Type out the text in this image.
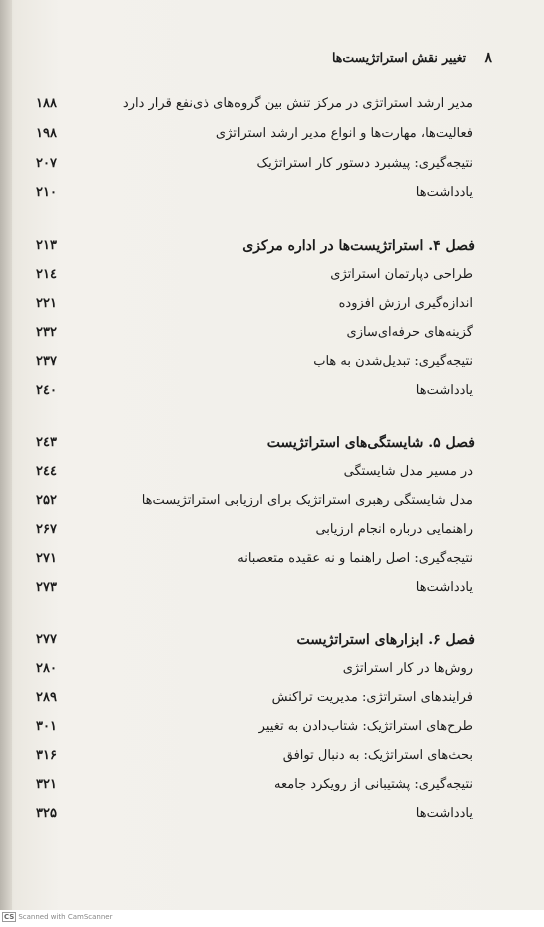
۸ تغییر نقش استراتژیست‌ها
مدیر ارشد استراتژی در مرکز تنش بین گروه‌های ذی‌نفع قرار دارد
۱۸۸
فعالیت‌ها، مهارت‌ها و انواع مدیر ارشد استراتژی
۱۹۸
نتیجه‌گیری: پیشبرد دستور کار استراتژیک
۲۰۷
یادداشت‌ها
۲۱۰
فصل ۴. استراتژیست‌ها در اداره مرکزی
۲۱۳
طراحی دپارتمان استراتژی
۲۱٤
اندازه‌گیری ارزش افزوده
۲۲۱
گزینه‌های حرفه‌ای‌سازی
۲۳۲
نتیجه‌گیری: تبدیل‌شدن به هاب
۲۳۷
یادداشت‌ها
۲٤۰
فصل ۵. شایستگی‌های استراتژیست
۲٤۳
در مسیر مدل شایستگی
۲٤٤
مدل شایستگی رهبری استراتژیک برای ارزیابی استراتژیست‌ها
۲۵۲
راهنمایی درباره انجام ارزیابی
۲۶۷
نتیجه‌گیری: اصل راهنما و نه عقیده متعصبانه
۲۷۱
یادداشت‌ها
۲۷۳
فصل ۶. ابزارهای استراتژیست
۲۷۷
روش‌ها در کار استراتژی
۲۸۰
فرایندهای استراتژی: مدیریت تراکنش
۲۸۹
طرح‌های استراتژیک: شتاب‌دادن به تغییر
۳۰۱
بحث‌های استراتژیک: به دنبال توافق
۳۱۶
نتیجه‌گیری: پشتیبانی از رویکرد جامعه
۳۲۱
یادداشت‌ها
۳۲۵
CS Scanned with CamScanner
